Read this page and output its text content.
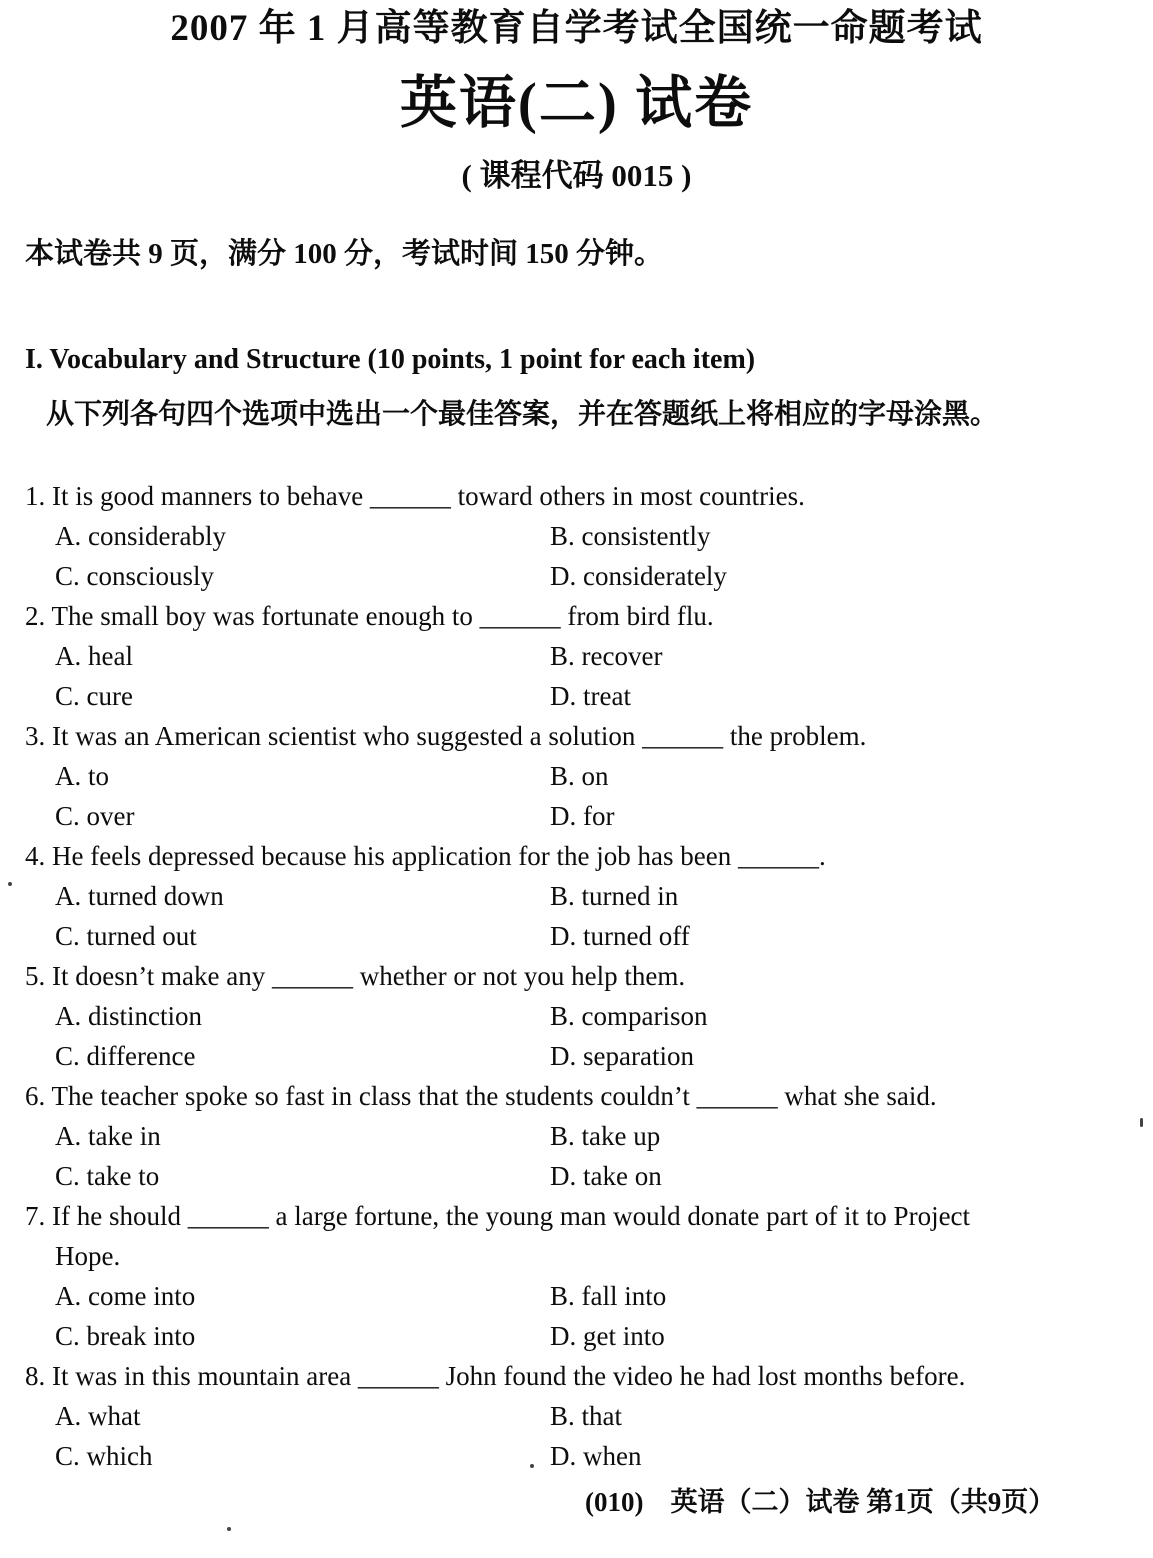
2007 年 1 月高等教育自学考试全国统一命题考试
英语(二) 试卷
( 课程代码 0015 )
本试卷共 9 页，满分 100 分，考试时间 150 分钟。
I. Vocabulary and Structure (10 points, 1 point for each item)
从下列各句四个选项中选出一个最佳答案，并在答题纸上将相应的字母涂黑。
1. It is good manners to behave ______ toward others in most countries.
A. considerably	B. consistently
C. consciously	D. considerately
2. The small boy was fortunate enough to ______ from bird flu.
A. heal	B. recover
C. cure	D. treat
3. It was an American scientist who suggested a solution ______ the problem.
A. to	B. on
C. over	D. for
4. He feels depressed because his application for the job has been ______.
A. turned down	B. turned in
C. turned out	D. turned off
5. It doesn’t make any ______ whether or not you help them.
A. distinction	B. comparison
C. difference	D. separation
6. The teacher spoke so fast in class that the students couldn’t ______ what she said.
A. take in	B. take up
C. take to	D. take on
7. If he should ______ a large fortune, the young man would donate part of it to Project
Hope.
A. come into	B. fall into
C. break into	D. get into
8. It was in this mountain area ______ John found the video he had lost months before.
A. what	B. that
C. which	D. when
(010)　英语（二）试卷 第1页（共9页）
